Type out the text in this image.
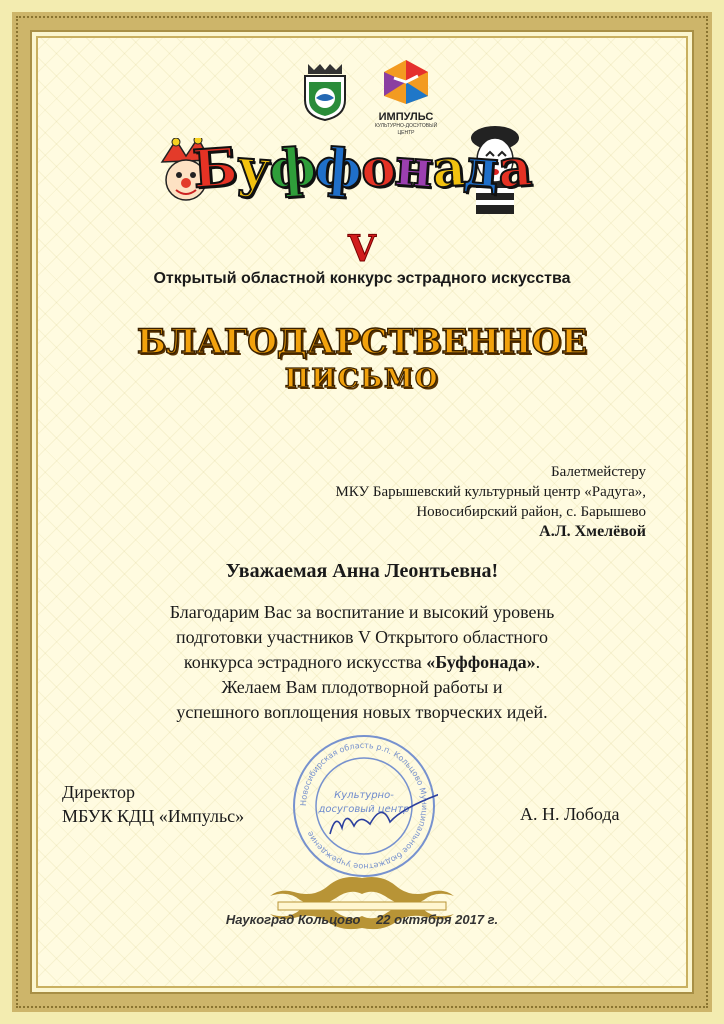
ИМПУЛЬС
КУЛЬТУРНО-ДОСУГОВЫЙ ЦЕНТР
Буффонада
V
Открытый областной конкурс эстрадного искусства
БЛАГОДАРСТВЕННОЕ
ПИСЬМО
Балетмейстеру
МКУ Барышевский культурный центр «Радуга»,
Новосибирский район, с. Барышево
А.Л. Хмелёвой
Уважаемая Анна Леонтьевна!
Благодарим Вас за воспитание и высокий уровень
подготовки участников V Открытого областного
конкурса эстрадного искусства «Буффонада».
Желаем Вам плодотворной работы и
успешного воплощения новых творческих идей.
Директор
МБУК КДЦ «Импульс»	А. Н. Лобода
Новосибирская область р.п. Кольцово Муниципальное бюджетное учреждение
Культурно-
досуговый центр
Наукоград Кольцово 22 октября 2017 г.
